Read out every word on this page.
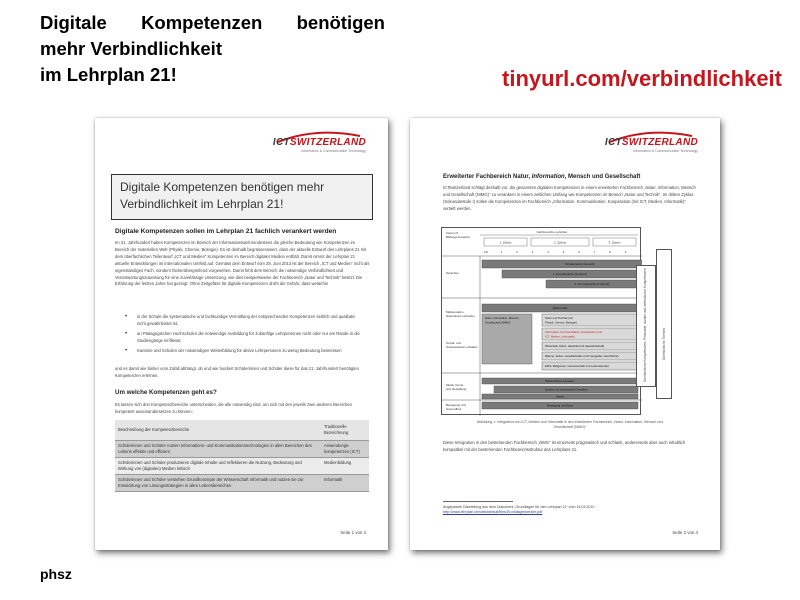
Digitale Kompetenzen benötigen
mehr Verbindlichkeit
im Lehrplan 21!	tinyurl.com/verbindlichkeit
phsz
ICTSWITZERLAND
Information & Communication Technology
Digitale Kompetenzen benötigen mehr Verbindlichkeit im Lehrplan 21!
Digitale Kompetenzen sollen im Lehrplan 21 fachlich verankert werden
Im 21. Jahrhundert haben Kompetenzen im Bereich der Informationswelt mindestens die gleiche Bedeutung wie Kompetenzen im Bereich der materiellen Welt (Physik, Chemie, Biologie). Es ist deshalb begrüssenswert, dass der aktuelle Entwurf des Lehrplans 21 mit dem überfachlichen Teilentwurf „ICT und Medien“ Kompetenzen im Bereich digitaler Medien enthält. Damit nimmt der Lehrplan 21 aktuelle Entwicklungen im internationalen Umfeld auf. Gemäss dem Entwurf vom 28. Juni 2013 ist der Bereich „ICT und Medien“ nicht als eigenständiges Fach, sondern fächerübergreifend vorgesehen. Damit fehlt dem Bereich die notwendige Verbindlichkeit und Verantwortungszuweisung für eine zuverlässige Umsetzung, wie dies beispielsweise der Fachbereich „Natur und Technik“ besitzt. Die Erfahrung der letzten Jahre hat gezeigt: Ohne Zeitgefäss für digitale Kompetenzen droht die Gefahr, dass weiterhin
• in der Schule die systematische und fachkundige Vermittlung der entsprechenden Kompetenzen seitlich und qualitativ nicht gewährleistet ist,
• an Pädagogischen Hochschulen die notwendige Ausbildung für zukünftige Lehrpersonen nicht oder nur am Rande in die Studiengänge einfliesst,
• Kantone und Schulen der notwendigen Weiterbildung für aktive Lehrpersonen zu wenig Bedeutung beimessen
und es damit wie bisher vom Zufall abhängt, ob und wie fundiert Schülerinnen und Schüler diese für das 21. Jahrhundert benötigten Kompetenzen erlernen.
Um welche Kompetenzen geht es?
Es lassen sich drei Kompetenzbereiche unterscheiden, die alle notwendig sind, um sich mit den jeweils zwei anderen Bereichen kompetent auseinandersetzen zu können:
Beschreibung der Kompetenzbereiche	Traditionelle Bezeichnung
Schülerinnen und Schüler nutzen Informations- und Kommunikationstechnologien in allen Bereichen des Lebens effektiv und effizient	Anwendungs-kompetenzen (ICT)
Schülerinnen und Schüler produzieren digitale Inhalte und reflektieren die Nutzung, Bedeutung und Wirkung von (digitalen) Medien kritisch	Medienbildung
Schülerinnen und Schüler verstehen Grundkonzepte der Wissenschaft Informatik und nutzen sie zur Entwicklung von Lösungsstrategien in allen Lebensbereichen	Informatik
Seite 1 von 4
ICTSWITZERLAND
Information & Communication Technology
Erweiterter Fachbereich Natur, Information, Mensch und Gesellschaft
ICTswitzerland schlägt deshalb vor, die genannten digitalen Kompetenzen in einem erweiterten Fachbereich „Natur, Information, Mensch und Gesellschaft (NIMG)“ zu verankern in einem zeitlichen Umfang wie Kompetenzen im Bereich „Natur und Technik“. Im dritten Zyklus (Sekundarstufe I) sollen die Kompetenzen im Fachbereich „Information, Kommunikation, Kooperation (mit ICT, Medien, Informatik)“ vertieft werden.
Kanton 5
Bildungs-bereiche
Fachbereiche Lehrplan
KG	1	2	3	4	5	6	7	8	9
1. Zyklus	2. Zyklus	3. Zyklus
Sprachen
Mathematik u.
Naturwissen-schaften
Sozial- und
Geisteswissen-schaften
Musik, Kunst
und Gestaltung
Bewegung und
Gesundheit
Schulsprache (Deutsch)
1. Fremdsprache (E oder F)
2. Fremdsprache (F oder E)
Mathematik
Natur, Information, Mensch,
Gesellschaft (NIMG)
Natur und Technik (mit
Physik, Chemie, Biologie)
Information, Kommunikation, Kooperation (mit
ICT, Medien, Informatik)
Wirtschaft, Arbeit, Haushalt (mit Hauswirtschaft)
Räume, Zeiten, Gesellschaften (mit Geografie, Geschichte)
Ethik, Religionen, Gemeinschaft (mit Lebenskunde)
Bildnerisches Gestalten
Textiles und technisches Gestalten
Musik
Bewegung und Sport
Überfachliche Kompetenzen: Personale, soziale und methodische Kompetenzen	Überfachliche Themen
Abbildung 1: Integration von ICT, Medien und Informatik in den erweiterten Fachbereich „Natur, Information, Mensch und Gesellschaft (NIMG)“
Diese Integration in den bestehenden Fachbereich „NMG“ ist einerseits pragmatisch und schlank, andererseits aber auch inhaltlich kompatibel mit der bestehenden Fachbereichsstruktur des Lehrplans 21.
Angepasste Darstellung aus dem Dokument „Grundlagen für den Lehrplan 21“ vom 18.03.2010
http://www.lehrplan.ch/sites/default/files/Grundlagenbericht.pdf
Seite 2 von 4
